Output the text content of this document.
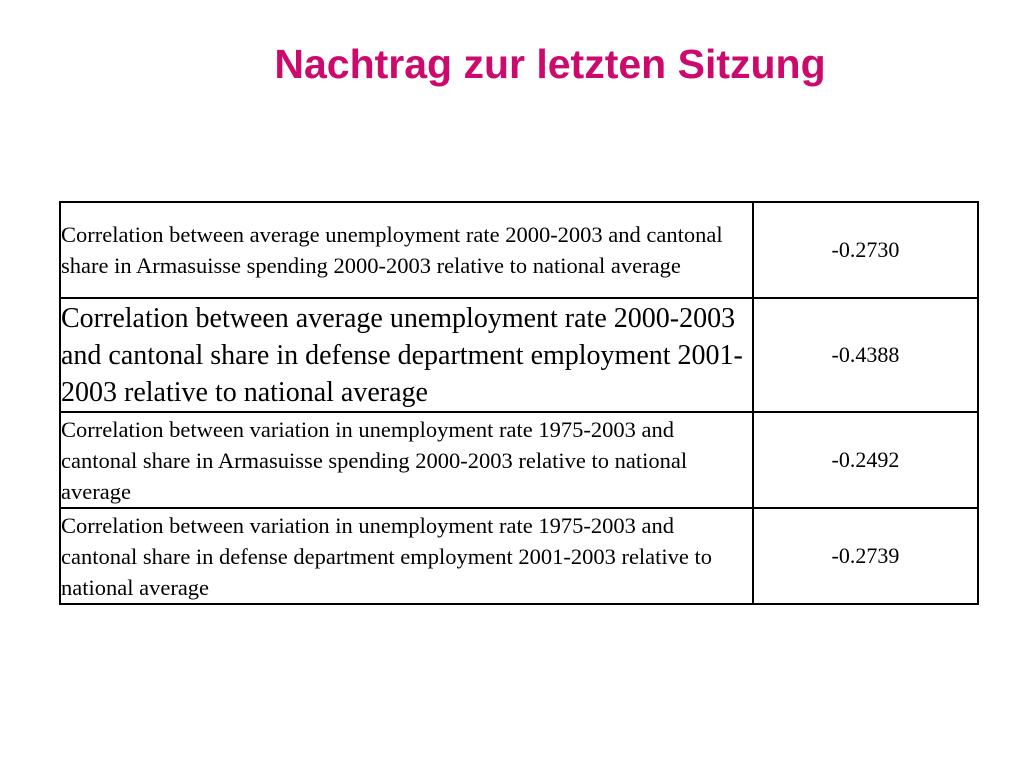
Nachtrag zur letzten Sitzung
Correlation between average unemployment rate 2000-2003 and cantonal share in Armasuisse spending 2000-2003 relative to national average	-0.2730
Correlation between average unemployment rate 2000-2003 and cantonal share in defense department employment 2001-2003 relative to national average	-0.4388
Correlation between variation in unemployment rate 1975-2003 and cantonal share in Armasuisse spending 2000-2003 relative to national average	-0.2492
Correlation between variation in unemployment rate 1975-2003 and cantonal share in defense department employment 2001-2003 relative to national average	-0.2739
